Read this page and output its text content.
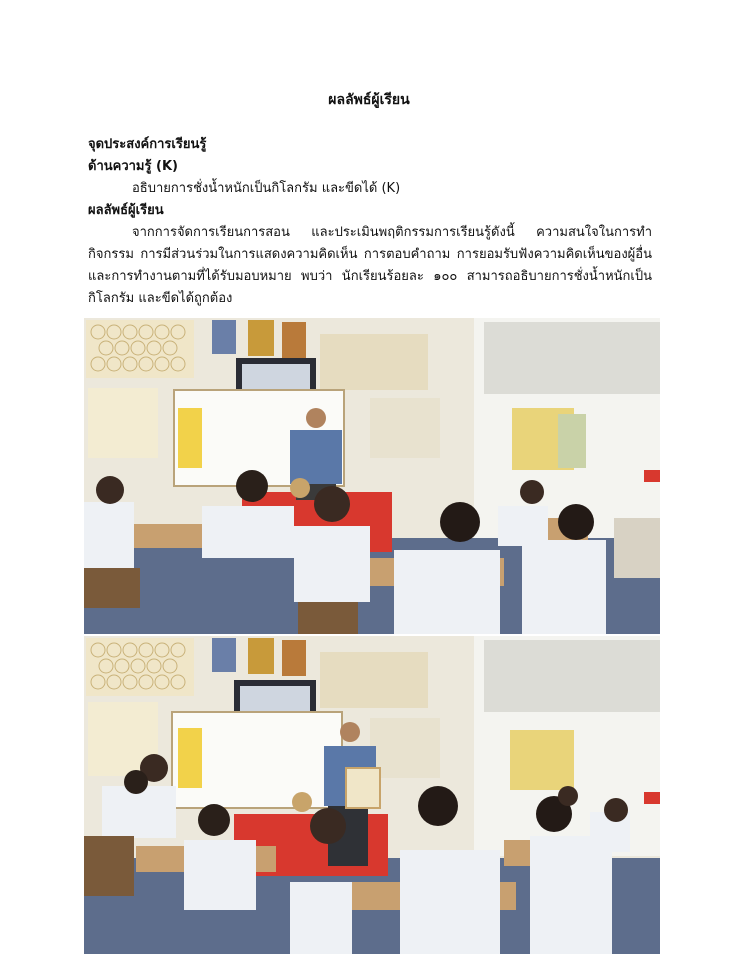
ผลลัพธ์ผู้เรียน
จุดประสงค์การเรียนรู้
ด้านความรู้ (K)
อธิบายการชั่งน้ำหนักเป็นกิโลกรัม และขีดได้ (K)
ผลลัพธ์ผู้เรียน
จากการจัดการเรียนการสอน และประเมินพฤติกรรมการเรียนรู้ดังนี้ ความสนใจในการทำกิจกรรม การมีส่วนร่วมในการแสดงความคิดเห็น การตอบคำถาม การยอมรับฟังความคิดเห็นของผู้อื่น และการทำงานตามที่ได้รับมอบหมาย พบว่า นักเรียนร้อยละ ๑๐๐ สามารถอธิบายการชั่งน้ำหนักเป็นกิโลกรัม และขีดได้ถูกต้อง
